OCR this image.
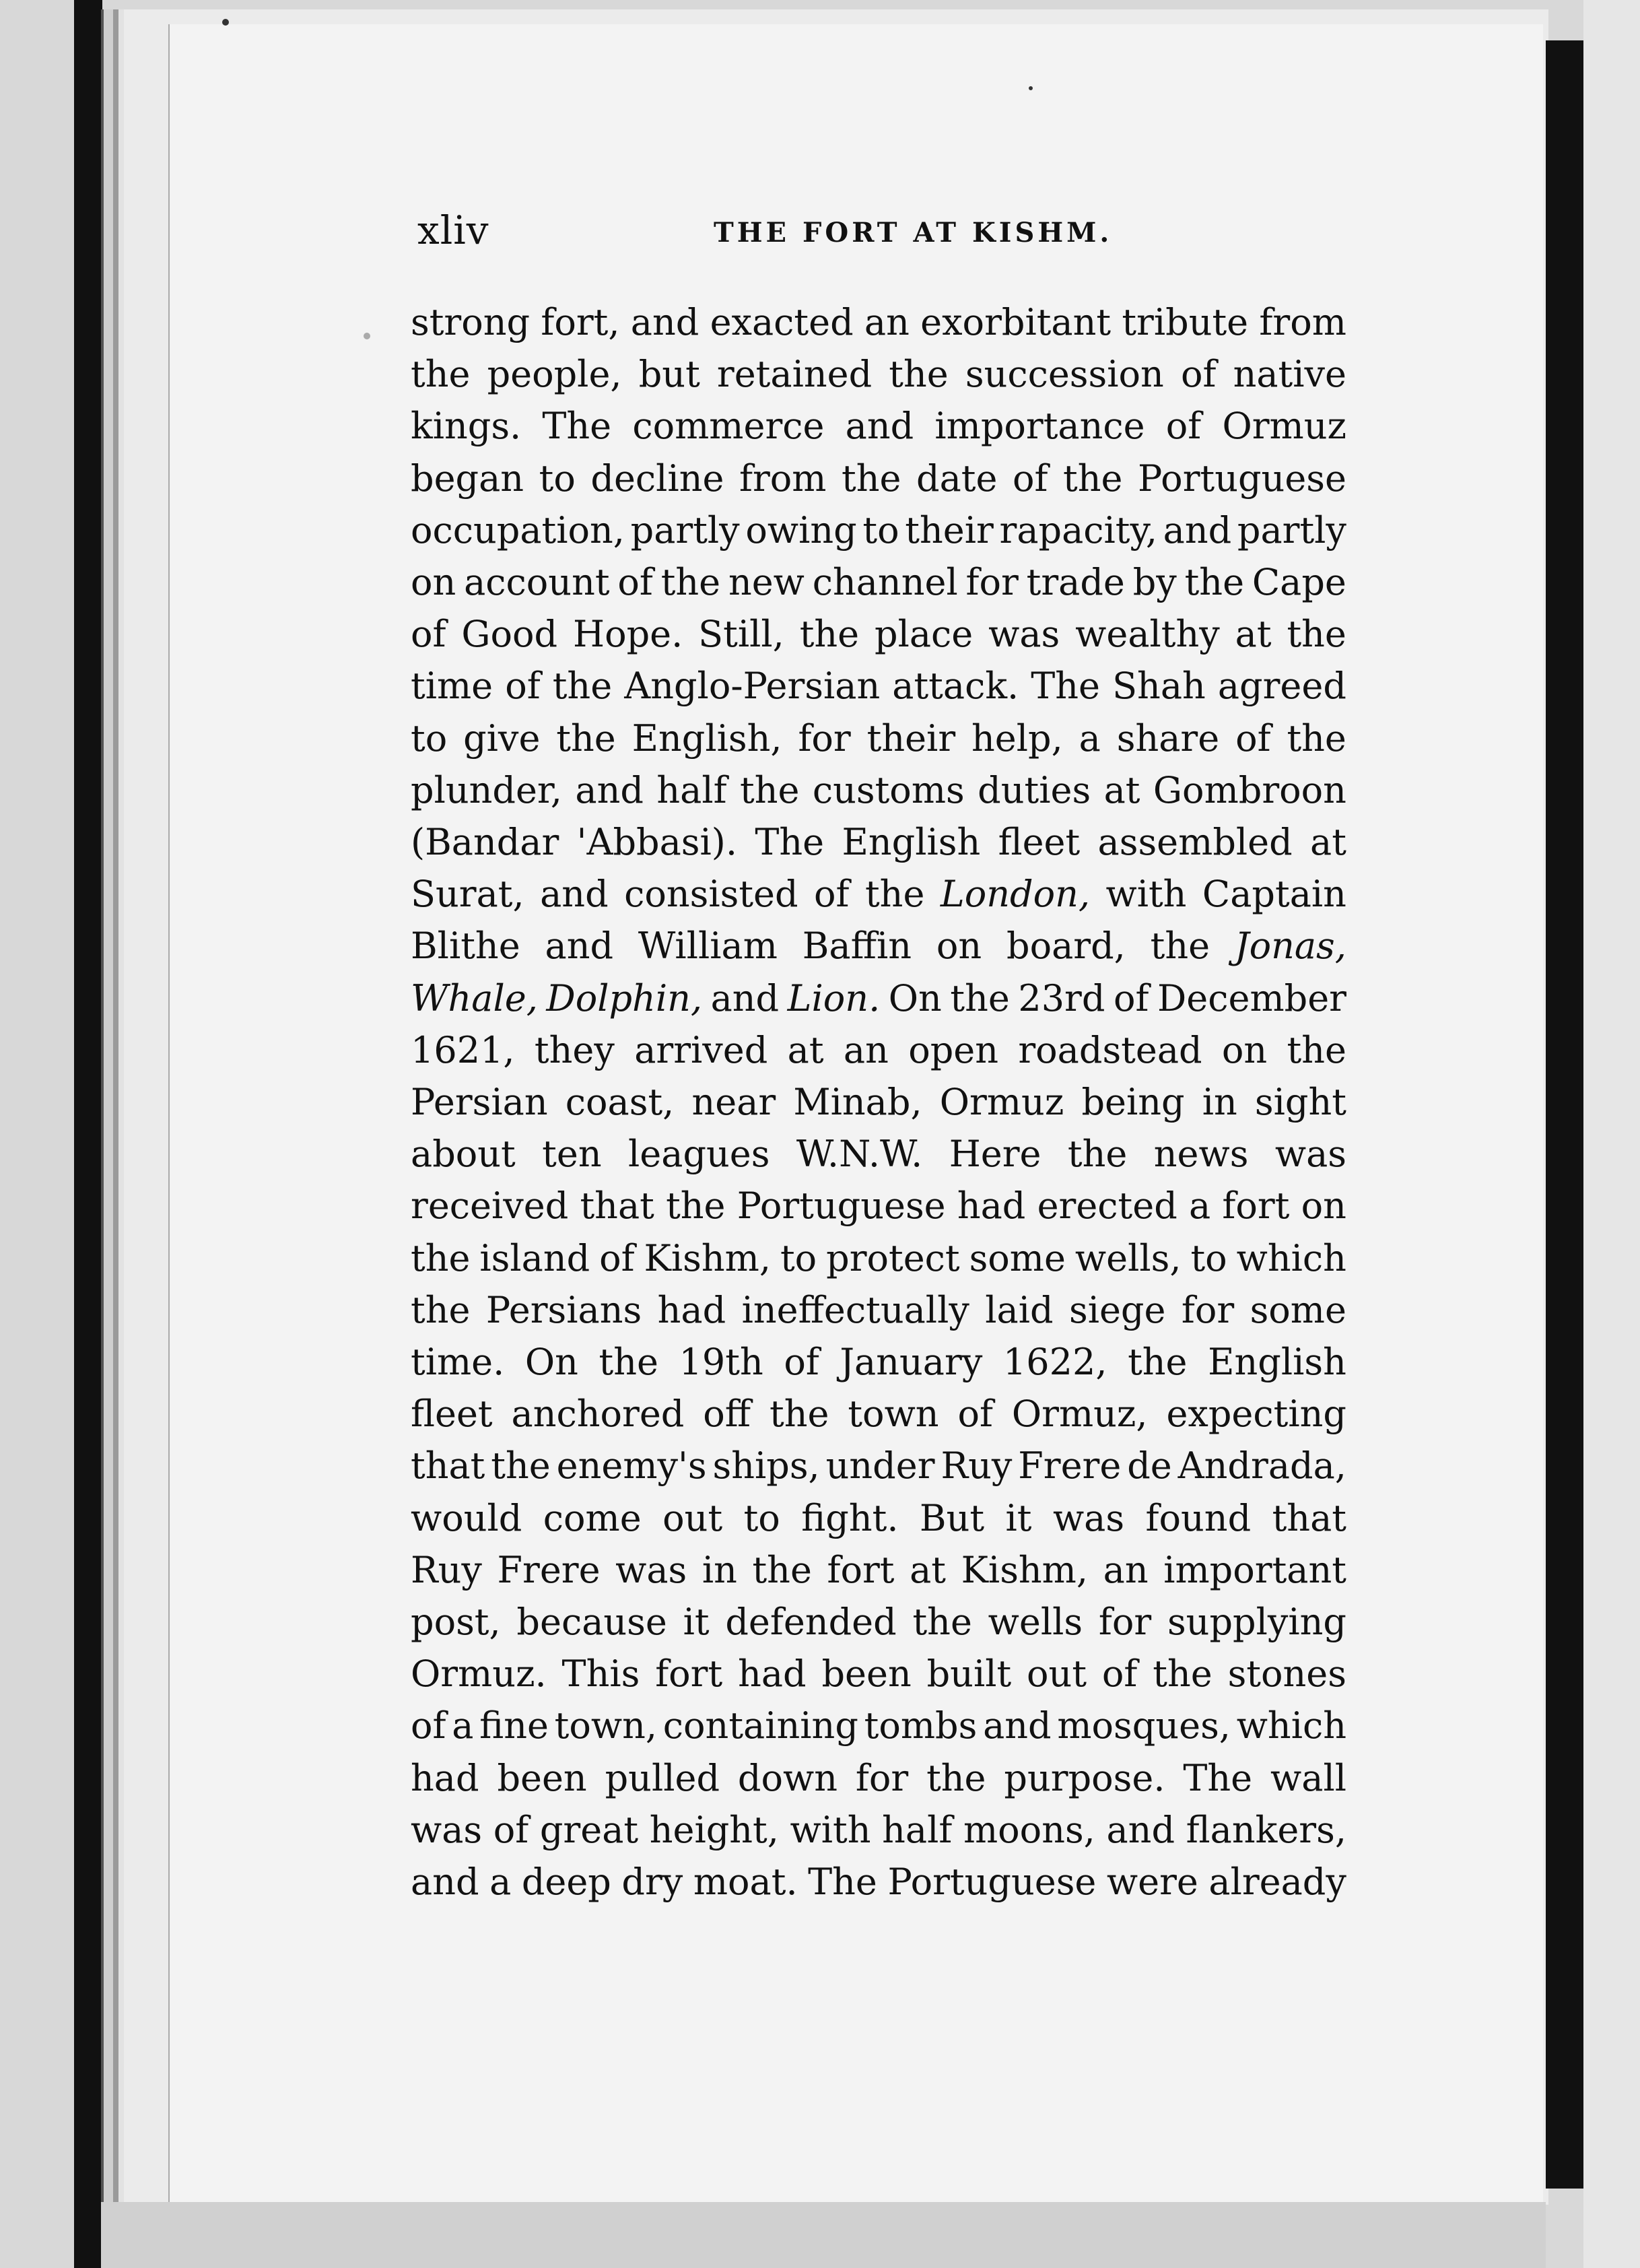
xliv	THE FORT AT KISHM.
strong fort, and exacted an exorbitant tribute from
the people, but retained the succession of native
kings. The commerce and importance of Ormuz
began to decline from the date of the Portuguese
occupation, partly owing to their rapacity, and partly
on account of the new channel for trade by the Cape
of Good Hope. Still, the place was wealthy at the
time of the Anglo-Persian attack. The Shah agreed
to give the English, for their help, a share of the
plunder, and half the customs duties at Gombroon
(Bandar 'Abbasi). The English fleet assembled at
Surat, and consisted of the London, with Captain
Blithe and William Baffin on board, the Jonas,
Whale, Dolphin, and Lion. On the 23rd of December
1621, they arrived at an open roadstead on the
Persian coast, near Minab, Ormuz being in sight
about ten leagues W.N.W. Here the news was
received that the Portuguese had erected a fort on
the island of Kishm, to protect some wells, to which
the Persians had ineffectually laid siege for some
time. On the 19th of January 1622, the English
fleet anchored off the town of Ormuz, expecting
that the enemy's ships, under Ruy Frere de Andrada,
would come out to fight. But it was found that
Ruy Frere was in the fort at Kishm, an important
post, because it defended the wells for supplying
Ormuz. This fort had been built out of the stones
of a fine town, containing tombs and mosques, which
had been pulled down for the purpose. The wall
was of great height, with half moons, and flankers,
and a deep dry moat. The Portuguese were already
